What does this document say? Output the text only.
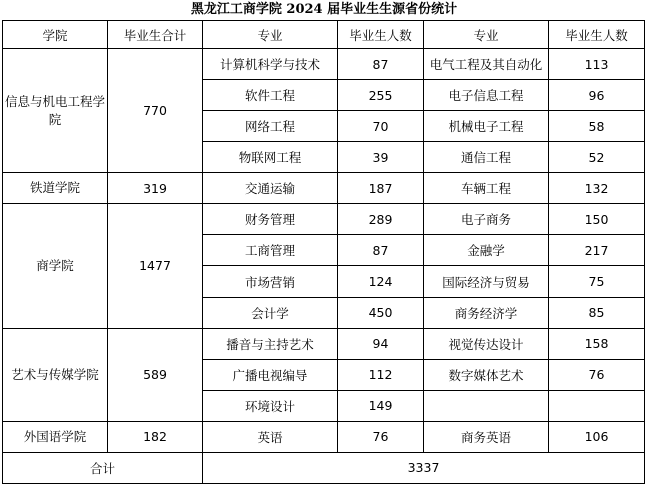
黑龙江工商学院 2024 届毕业生生源省份统计
学院	毕业生合计	专业	毕业生人数	专业	毕业生人数
信息与机电工程学院	770	计算机科学与技术	87	电气工程及其自动化	113
		软件工程	255	电子信息工程	96
		网络工程	70	机械电子工程	58
		物联网工程	39	通信工程	52
铁道学院	319	交通运输	187	车辆工程	132
商学院	1477	财务管理	289	电子商务	150
		工商管理	87	金融学	217
		市场营销	124	国际经济与贸易	75
		会计学	450	商务经济学	85
艺术与传媒学院	589	播音与主持艺术	94	视觉传达设计	158
		广播电视编导	112	数字媒体艺术	76
		环境设计	149		
外国语学院	182	英语	76	商务英语	106
合计		3337			
